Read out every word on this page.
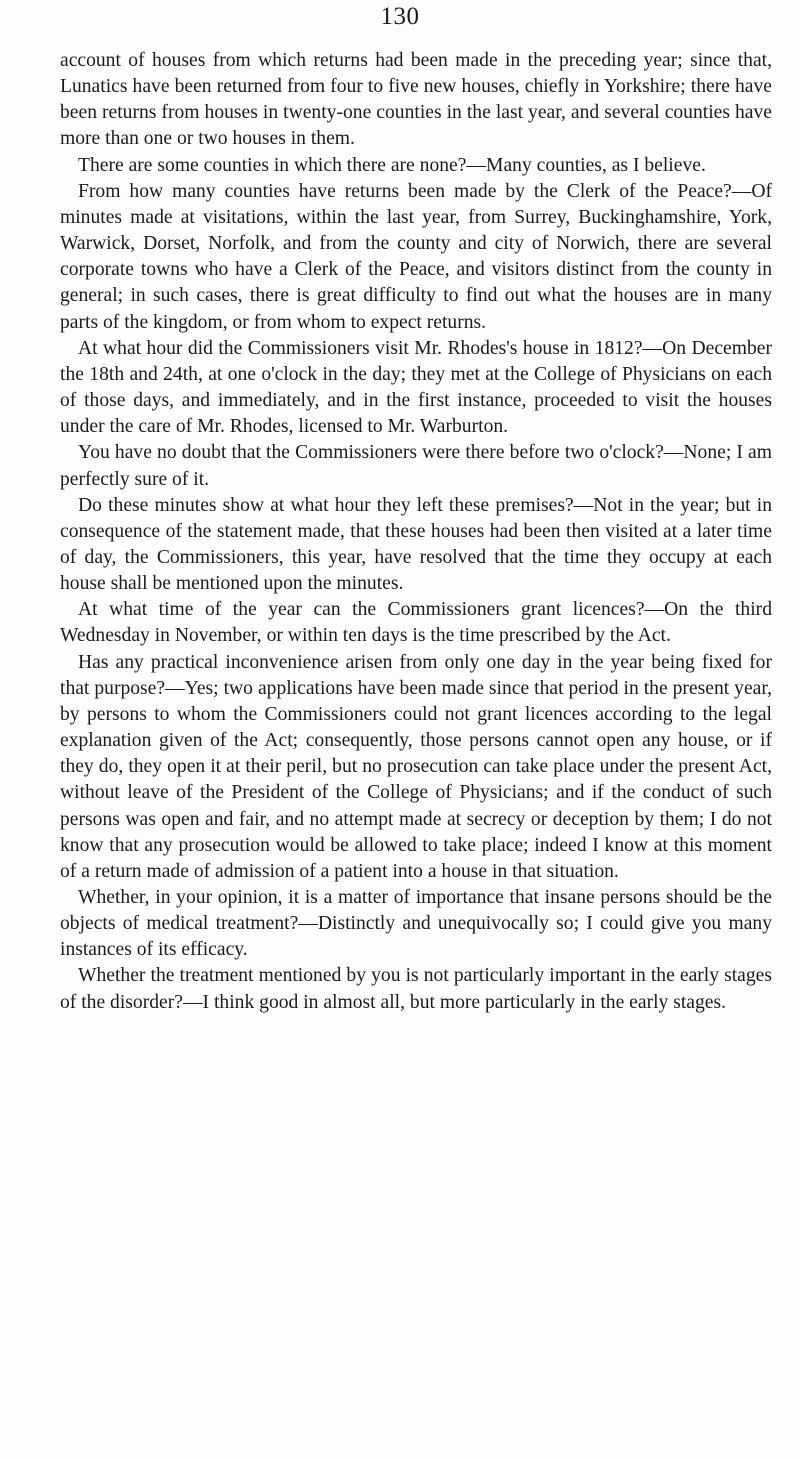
130

account of houses from which returns had been made in the preceding year; since that, Lunatics have been returned from four to five new houses, chiefly in Yorkshire; there have been returns from houses in twenty-one counties in the last year, and several counties have more than one or two houses in them.

There are some counties in which there are none?—Many counties, as I believe.

From how many counties have returns been made by the Clerk of the Peace?—Of minutes made at visitations, within the last year, from Surrey, Buckinghamshire, York, Warwick, Dorset, Norfolk, and from the county and city of Norwich, there are several corporate towns who have a Clerk of the Peace, and visitors distinct from the county in general; in such cases, there is great difficulty to find out what the houses are in many parts of the kingdom, or from whom to expect returns.

At what hour did the Commissioners visit Mr. Rhodes's house in 1812?—On December the 18th and 24th, at one o'clock in the day; they met at the College of Physicians on each of those days, and immediately, and in the first instance, proceeded to visit the houses under the care of Mr. Rhodes, licensed to Mr. Warburton.

You have no doubt that the Commissioners were there before two o'clock?—None; I am perfectly sure of it.

Do these minutes show at what hour they left these premises?—Not in the year; but in consequence of the statement made, that these houses had been then visited at a later time of day, the Commissioners, this year, have resolved that the time they occupy at each house shall be mentioned upon the minutes.

At what time of the year can the Commissioners grant licences?—On the third Wednesday in November, or within ten days is the time prescribed by the Act.

Has any practical inconvenience arisen from only one day in the year being fixed for that purpose?—Yes; two applications have been made since that period in the present year, by persons to whom the Commissioners could not grant licences according to the legal explanation given of the Act; consequently, those persons cannot open any house, or if they do, they open it at their peril, but no prosecution can take place under the present Act, without leave of the President of the College of Physicians; and if the conduct of such persons was open and fair, and no attempt made at secrecy or deception by them; I do not know that any prosecution would be allowed to take place; indeed I know at this moment of a return made of admission of a patient into a house in that situation.

Whether, in your opinion, it is a matter of importance that insane persons should be the objects of medical treatment?—Distinctly and unequivocally so; I could give you many instances of its efficacy.

Whether the treatment mentioned by you is not particularly important in the early stages of the disorder?—I think good in almost all, but more particularly in the early stages.
